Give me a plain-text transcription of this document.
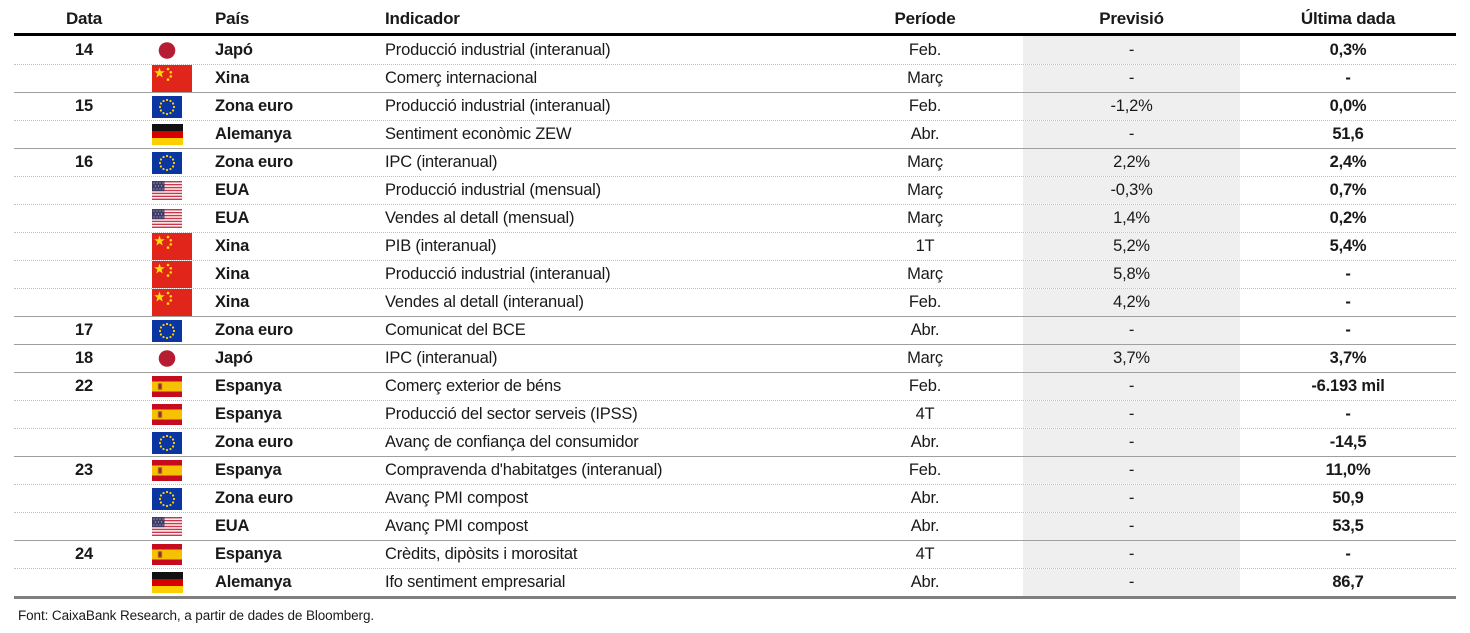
Data	País	Indicador	Període	Previsió	Última dada
14	Japó	Producció industrial (interanual)	Feb.	-	0,3%
Xina	Comerç internacional	Març	-	-
15	Zona euro	Producció industrial (interanual)	Feb.	-1,2%	0,0%
Alemanya	Sentiment econòmic ZEW	Abr.	-	51,6
16	Zona euro	IPC (interanual)	Març	2,2%	2,4%
EUA	Producció industrial (mensual)	Març	-0,3%	0,7%
EUA	Vendes al detall (mensual)	Març	1,4%	0,2%
Xina	PIB (interanual)	1T	5,2%	5,4%
Xina	Producció industrial (interanual)	Març	5,8%	-
Xina	Vendes al detall (interanual)	Feb.	4,2%	-
17	Zona euro	Comunicat del BCE	Abr.	-	-
18	Japó	IPC (interanual)	Març	3,7%	3,7%
22	Espanya	Comerç exterior de béns	Feb.	-	-6.193 mil
Espanya	Producció del sector serveis (IPSS)	4T	-	-
Zona euro	Avanç de confiança del consumidor	Abr.	-	-14,5
23	Espanya	Compravenda d'habitatges (interanual)	Feb.	-	11,0%
Zona euro	Avanç PMI compost	Abr.	-	50,9
EUA	Avanç PMI compost	Abr.	-	53,5
24	Espanya	Crèdits, dipòsits i morositat	4T	-	-
Alemanya	Ifo sentiment empresarial	Abr.	-	86,7
Font: CaixaBank Research, a partir de dades de Bloomberg.
